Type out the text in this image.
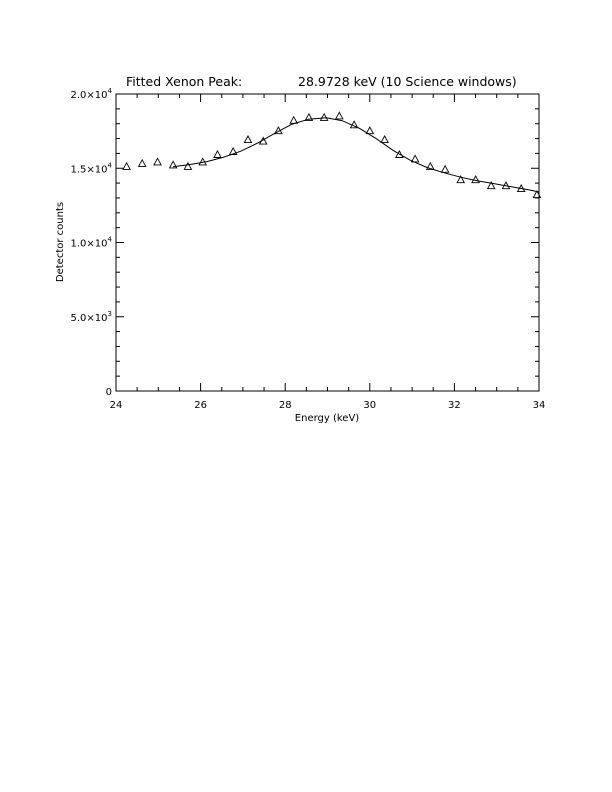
Fitted Xenon Peak:	28.9728 keV (10 Science windows)
24	26	28	30	32	34
0
$5.0\times 10^3$
$1.0\times 10^4$
$1.5\times 10^4$
$2.0\times 10^4$
Energy (keV)
Detector counts
